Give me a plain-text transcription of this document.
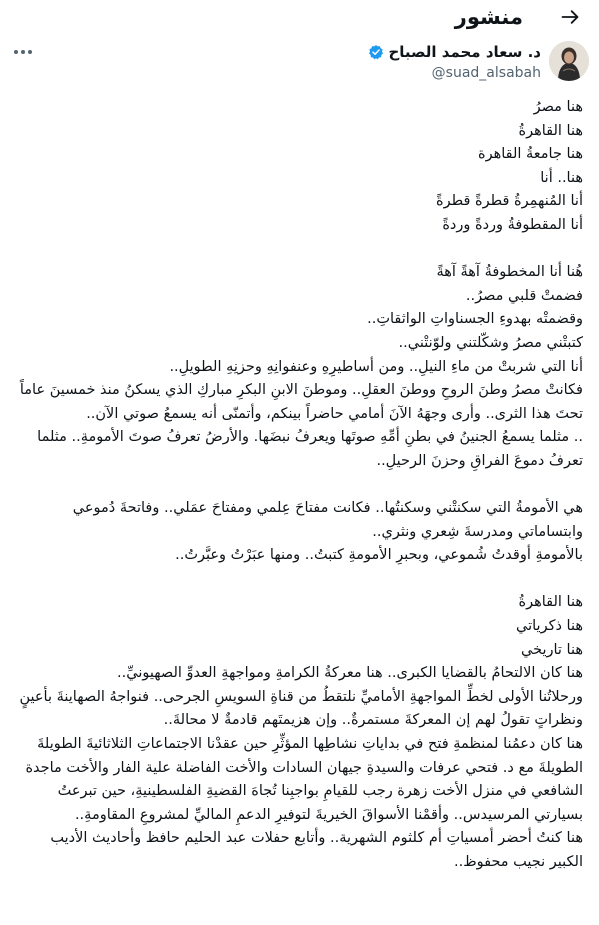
منشور
د. سعاد محمد الصباح
@suad_alsabah
هنا مصرُ
هنا القاهرةُ
هنا جامعةُ القاهرة
هنا.. أنا
أنا المُنهمِرةُ قطرةً قطرةً
أنا المقطوفةُ وردةً وردةً
هُنا أنا المخطوفةُ آهةً آهةً
فضمتْ قلبي مصرُ..
وقضمتْه بهدوءِ الجسناواتِ الواثقاتِ..
كتبتْني مصرُ وشكّلتني ولوّنتْني..
أنا التي شربتْ من ماءِ النيلِ.. ومن أساطيرِهِ وعنفوانِهِ وحزنِهِ الطويلِ..
فكانتْ مصرُ وطنَ الروحِ ووطنَ العقلِ.. وموطنَ الابنِ البكرِ مباركِ الذي يسكنُ منذ خمسينَ عاماً تحتَ هذا الثرى.. وأرى وجهَهُ الآنَ أمامي حاضراً بينكم، وأتمنّى أنه يسمعُ صوتي الآن..
.. مثلما يسمعُ الجنينُ في بطنِ أمِّهِ صوتَها ويعرفُ نبضَها. والأرضُ تعرفُ صوتَ الأمومةِ.. مثلما تعرفُ دموعَ الفراقِ وحزنَ الرحيلِ..
هي الأمومةُ التي سكنتْني وسكنتُها.. فكانت مفتاحَ عِلمي ومفتاحَ عمَلي.. وفاتحةَ دُموعي وابتساماتي ومدرسةَ شِعري ونثري..
بالأمومةِ أوقدتُ شُموعي، وبحبرِ الأمومةِ كتبتُ.. ومنها عبَرْتُ وعبَّرتُ..
هنا القاهرةُ
هنا ذكرياتي
هنا تاريخي
هنا كان الالتحامُ بالقضايا الكبرى.. هنا معركةُ الكرامةِ ومواجهةِ العدوِّ الصهيونيِّ..
ورحلاتُنا الأولى لخطِّ المواجهةِ الأماميِّ نلتقطُ من قناةِ السويسِ الجرحى.. فنواجهُ الصهاينةَ بأعينٍ ونظراتٍ تقولُ لهم إن المعركةَ مستمرةٌ.. وإن هزيمتَهم قادمةٌ لا محالةَ..
هنا كان دعمُنا لمنظمةِ فتح في بداياتِ نشاطِها المؤثِّرِ حين عقدْنا الاجتماعاتِ الثلاثائيةَ الطويلةَ الطويلةَ مع د. فتحي عرفات والسيدةِ جيهان السادات والأخت الفاضلة علية الفار والأخت ماجدة الشافعي في منزل الأخت زهرة رجب للقيامِ بواجبِنا تُجاهَ القضيةِ الفلسطينيةِ، حين تبرعتُ بسيارتي المرسيدس.. وأقمْنا الأسواقَ الخيريةَ لتوفيرِ الدعمِ الماليِّ لمشروعِ المقاومةِ..
هنا كنتُ أحضر أمسياتِ أم كلثوم الشهرية.. وأتابع حفلات عبد الحليم حافظ وأحاديث الأديب الكبير نجيب محفوظ..
